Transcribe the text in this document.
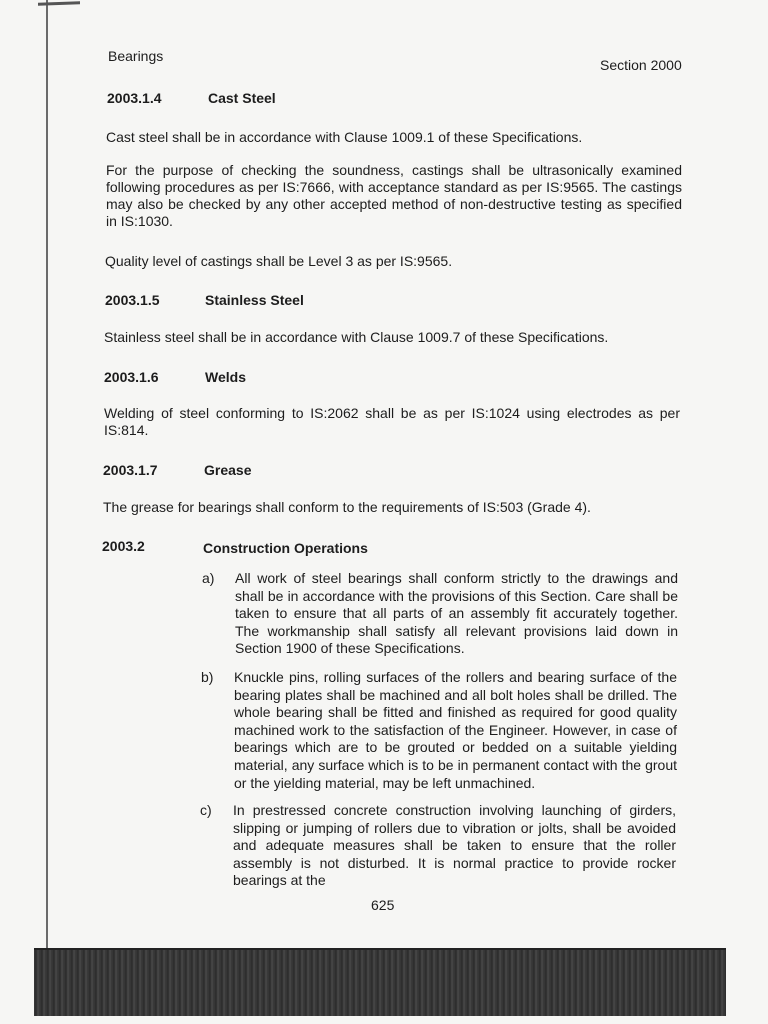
Bearings
Section 2000
2003.1.4	Cast Steel
Cast steel shall be in accordance with Clause 1009.1 of these Specifications.
For the purpose of checking the soundness, castings shall be ultrasonically examined following procedures as per IS:7666, with acceptance standard as per IS:9565. The castings may also be checked by any other accepted method of non-destructive testing as specified in IS:1030.
Quality level of castings shall be Level 3 as per IS:9565.
2003.1.5	Stainless Steel
Stainless steel shall be in accordance with Clause 1009.7 of these Specifications.
2003.1.6	Welds
Welding of steel conforming to IS:2062 shall be as per IS:1024 using electrodes as per IS:814.
2003.1.7	Grease
The grease for bearings shall conform to the requirements of IS:503 (Grade 4).
2003.2	Construction Operations
a) All work of steel bearings shall conform strictly to the drawings and shall be in accordance with the provisions of this Section. Care shall be taken to ensure that all parts of an assembly fit accurately together. The workmanship shall satisfy all relevant provisions laid down in Section 1900 of these Specifications.
b) Knuckle pins, rolling surfaces of the rollers and bearing surface of the bearing plates shall be machined and all bolt holes shall be drilled. The whole bearing shall be fitted and finished as required for good quality machined work to the satisfaction of the Engineer. However, in case of bearings which are to be grouted or bedded on a suitable yielding material, any surface which is to be in permanent contact with the grout or the yielding material, may be left unmachined.
c) In prestressed concrete construction involving launching of girders, slipping or jumping of rollers due to vibration or jolts, shall be avoided and adequate measures shall be taken to ensure that the roller assembly is not disturbed. It is normal practice to provide rocker bearings at the
625
